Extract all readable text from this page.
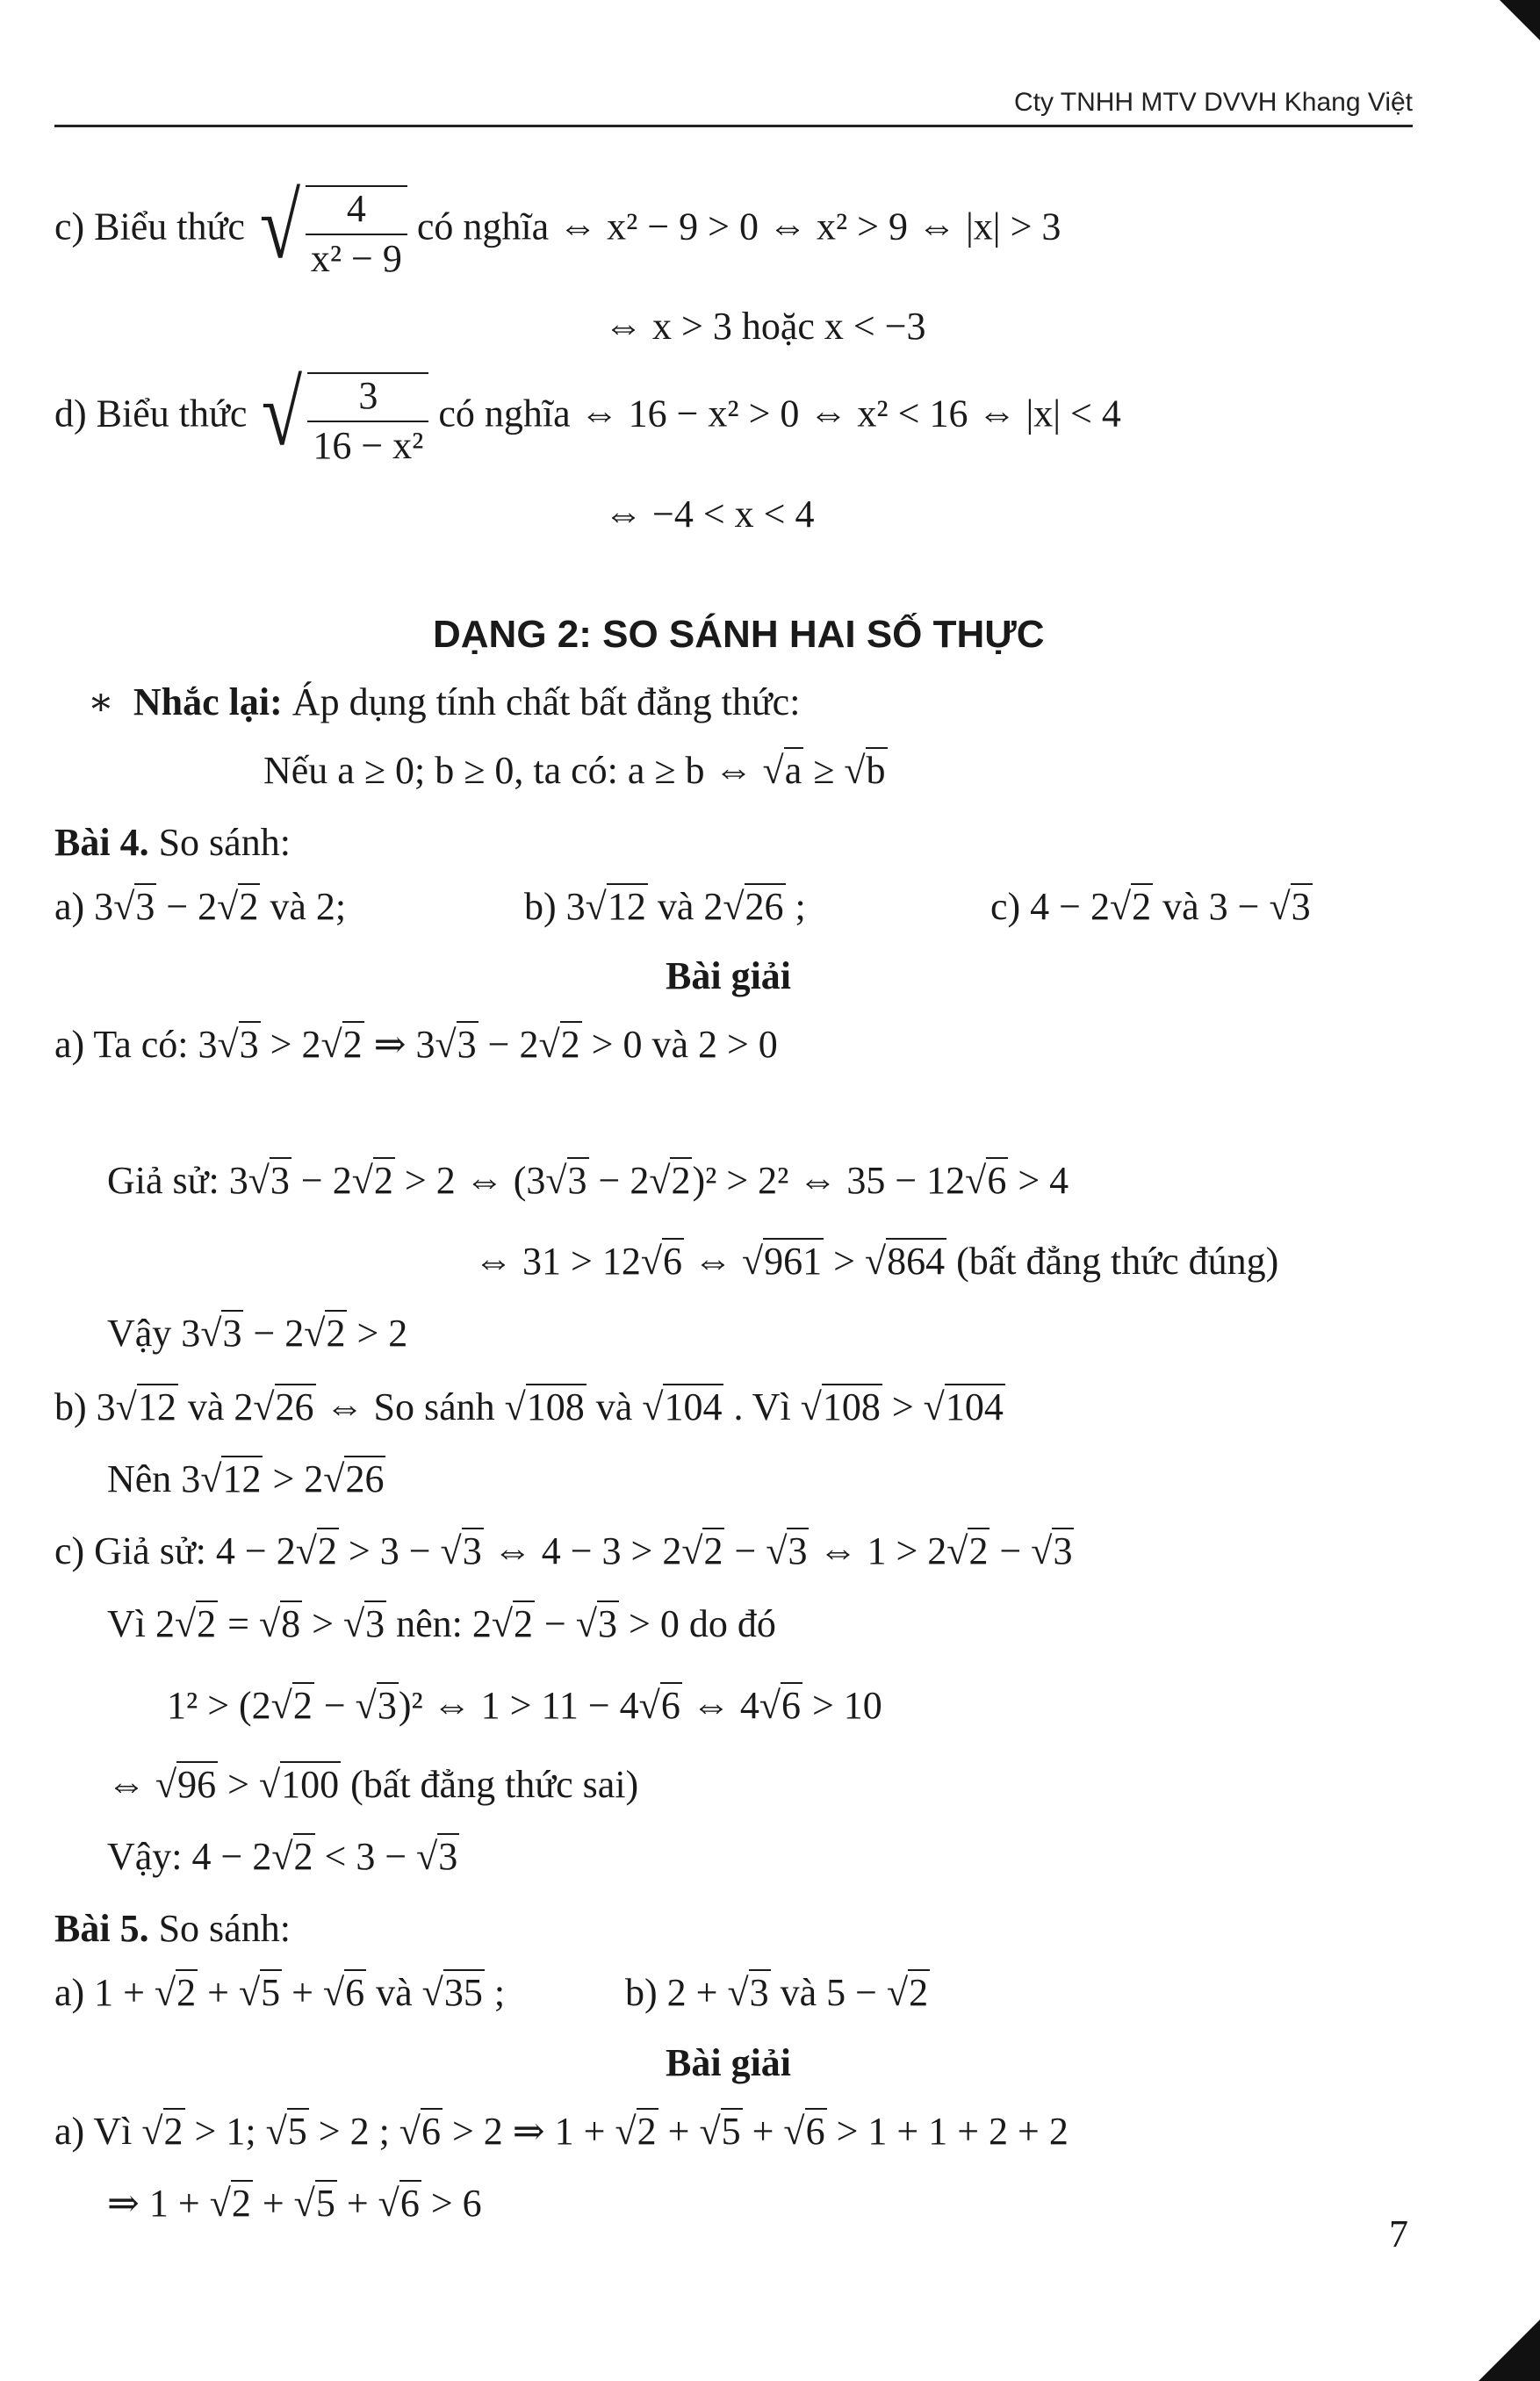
Cty TNHH MTV DVVH Khang Việt
c) Biểu thức √ $\frac{4}{\text{x² − 9}}$ có nghĩa ⇔ x² − 9 > 0 ⇔ x² > 9 ⇔ |x| > 3
⇔ x > 3 hoặc x < −3
d) Biểu thức √ $\frac{3}{\text{16 − x²}}$ có nghĩa ⇔ 16 − x² > 0 ⇔ x² < 16 ⇔ |x| < 4
⇔ −4 < x < 4
DẠNG 2: SO SÁNH HAI SỐ THỰC
∗ Nhắc lại: Áp dụng tính chất bất đẳng thức:
Nếu a ≥ 0; b ≥ 0, ta có: a ≥ b ⇔ √a ≥ √b
Bài 4. So sánh:
a) 3√3 − 2√2 và 2;	b) 3√12 và 2√26 ;	c) 4 − 2√2 và 3 − √3
Bài giải
a) Ta có: 3√3 > 2√2 ⇒ 3√3 − 2√2 > 0 và 2 > 0
Giả sử: 3√3 − 2√2 > 2 ⇔ (3√3 − 2√2)² > 2² ⇔ 35 − 12√6 > 4
⇔ 31 > 12√6 ⇔ √961 > √864 (bất đẳng thức đúng)
Vậy 3√3 − 2√2 > 2
b) 3√12 và 2√26 ⇔ So sánh √108 và √104 . Vì √108 > √104
Nên 3√12 > 2√26
c) Giả sử: 4 − 2√2 > 3 − √3 ⇔ 4 − 3 > 2√2 − √3 ⇔ 1 > 2√2 − √3
Vì 2√2 = √8 > √3 nên: 2√2 − √3 > 0 do đó
1² > (2√2 − √3)² ⇔ 1 > 11 − 4√6 ⇔ 4√6 > 10
⇔ √96 > √100 (bất đẳng thức sai)
Vậy: 4 − 2√2 < 3 − √3
Bài 5. So sánh:
a) 1 + √2 + √5 + √6 và √35 ;	b) 2 + √3 và 5 − √2
Bài giải
a) Vì √2 > 1; √5 > 2 ; √6 > 2 ⇒ 1 + √2 + √5 + √6 > 1 + 1 + 2 + 2
⇒ 1 + √2 + √5 + √6 > 6
7
